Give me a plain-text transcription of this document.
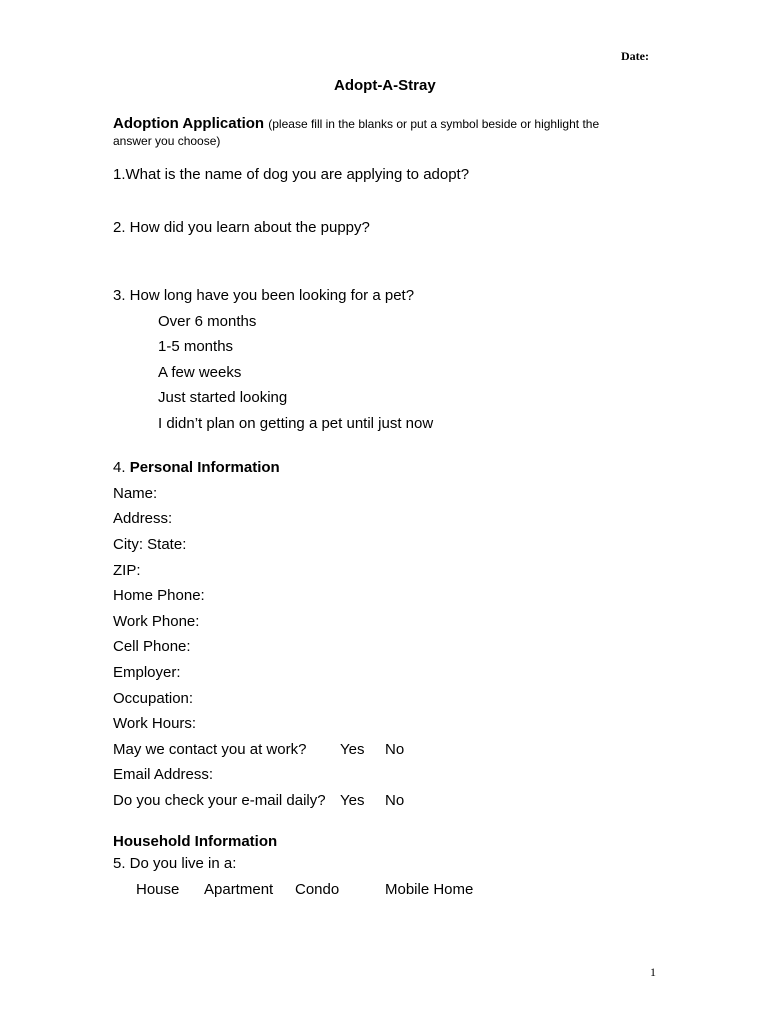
Date:
Adopt-A-Stray
Adoption Application (please fill in the blanks or put a symbol beside or highlight the
answer you choose)
1.What is the name of dog you are applying to adopt?
2. How did you learn about the puppy?
3. How long have you been looking for a pet?
Over 6 months
1-5 months
A few weeks
Just started looking
I didn’t plan on getting a pet until just now
4. Personal Information
Name:
Address:
City: State:
ZIP:
Home Phone:
Work Phone:
Cell Phone:
Employer:
Occupation:
Work Hours:
May we contact you at work? Yes No
Email Address:
Do you check your e-mail daily? Yes No
Household Information
5. Do you live in a:
House Apartment Condo	Mobile Home
1
